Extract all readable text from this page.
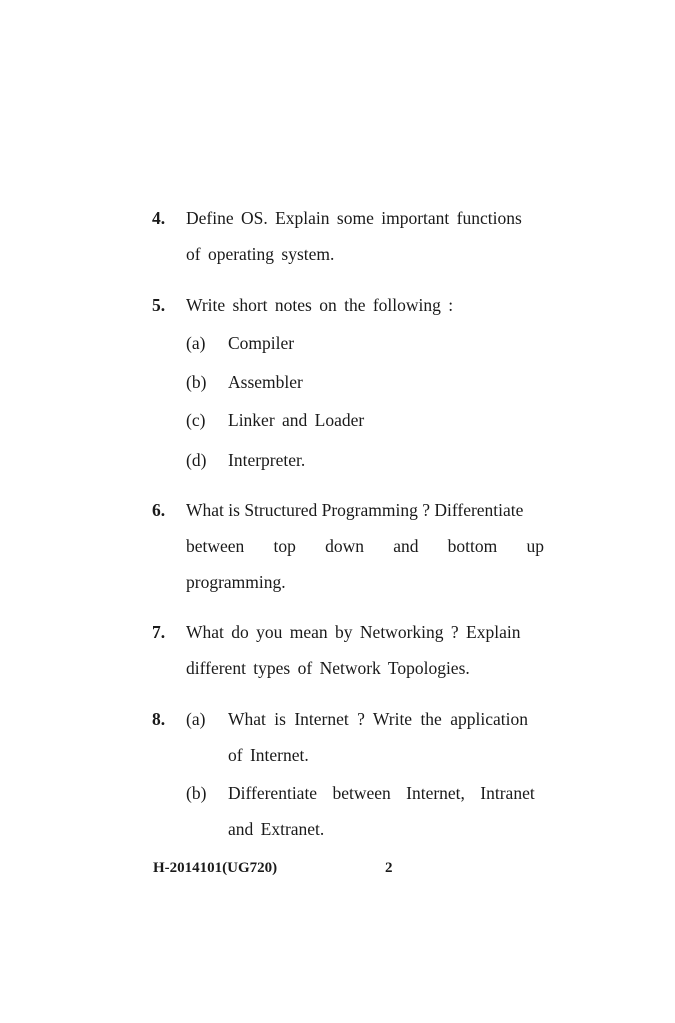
4. Define OS. Explain some important functions
of operating system.
5. Write short notes on the following :
(a) Compiler
(b) Assembler
(c) Linker and Loader
(d) Interpreter.
6. What is Structured Programming ? Differentiate
between top down and bottom up
programming.
7. What do you mean by Networking ? Explain
different types of Network Topologies.
8. (a) What is Internet ? Write the application
of Internet.
(b) Differentiate between Internet, Intranet
and Extranet.
H-2014101(UG720)	2
